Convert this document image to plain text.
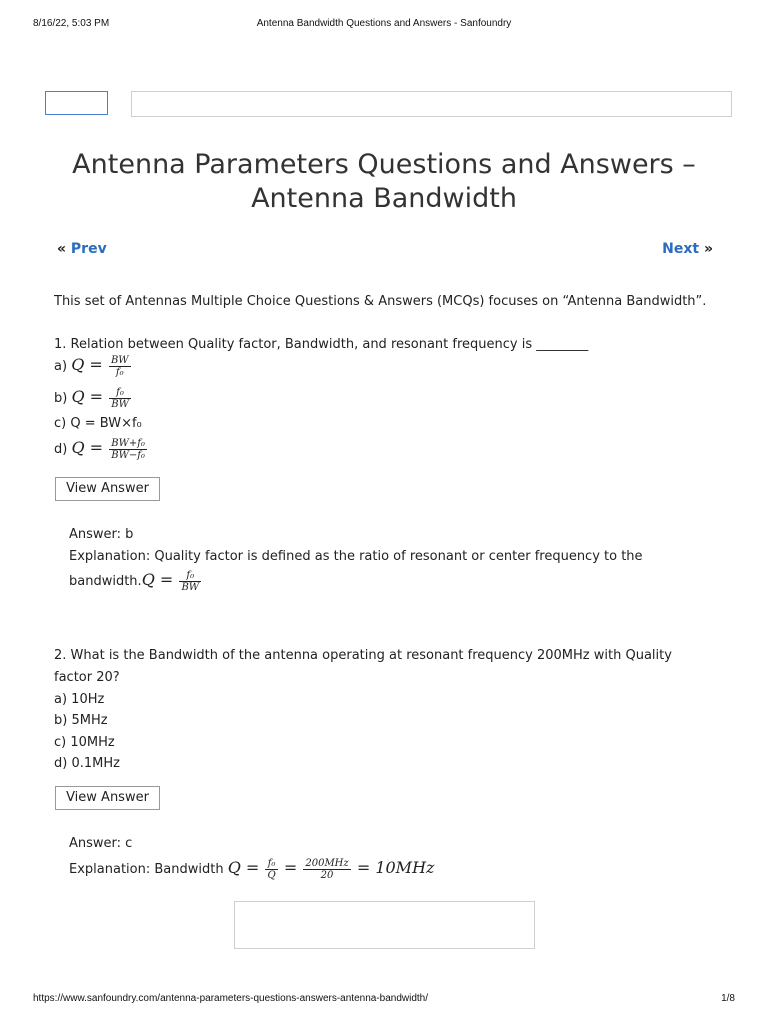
8/16/22, 5:03 PM	Antenna Bandwidth Questions and Answers - Sanfoundry
Antenna Parameters Questions and Answers – Antenna Bandwidth
« Prev	Next »
This set of Antennas Multiple Choice Questions & Answers (MCQs) focuses on “Antenna Bandwidth”.
1. Relation between Quality factor, Bandwidth, and resonant frequency is ________
a) $Q = \frac{BW}{\text{f₀}}$
b) $Q = \frac{\text{f₀}}{BW}$
c) Q = BW×f₀
d) $Q = \frac{\text{BW+f₀}}{\text{BW−f₀}}$
View Answer
Answer: b
Explanation: Quality factor is defined as the ratio of resonant or center frequency to the
bandwidth.Q = $\frac{\text{f₀}}{BW}$
2. What is the Bandwidth of the antenna operating at resonant frequency 200MHz with Quality
factor 20?
a) 10Hz
b) 5MHz
c) 10MHz
d) 0.1MHz
View Answer
Answer: c
Explanation: Bandwidth $Q = \frac{\text{f₀}}{Q} = \frac{\text{200MHz}}{20} = 10MHz$
https://www.sanfoundry.com/antenna-parameters-questions-answers-antenna-bandwidth/	1/8
